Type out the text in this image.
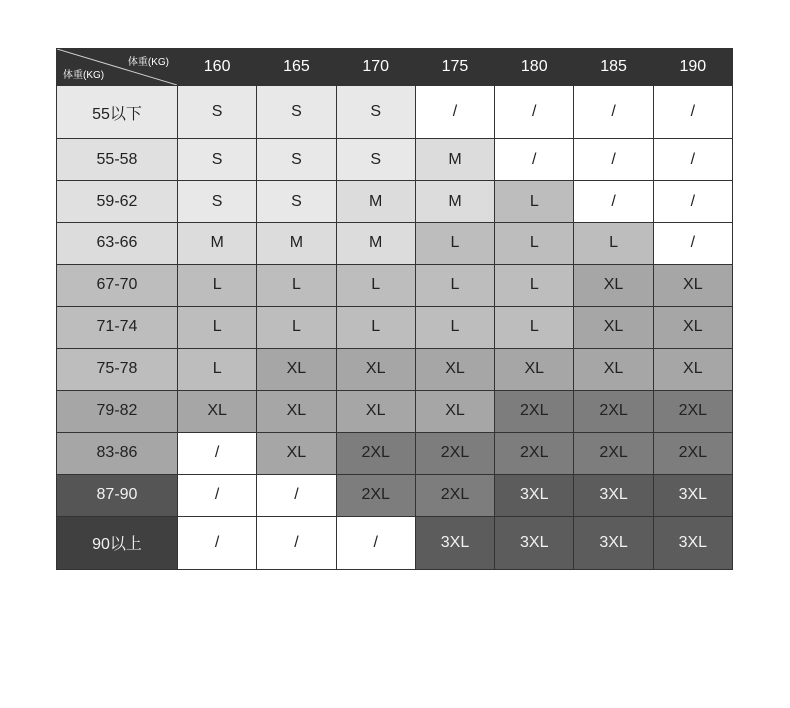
体重(KG)
体重(KG)	160	165	170	175	180	185	190
55以下	S	S	S	/	/	/	/
55-58	S	S	S	M	/	/	/
59-62	S	S	M	M	L	/	/
63-66	M	M	M	L	L	L	/
67-70	L	L	L	L	L	XL	XL
71-74	L	L	L	L	L	XL	XL
75-78	L	XL	XL	XL	XL	XL	XL
79-82	XL	XL	XL	XL	2XL	2XL	2XL
83-86	/	XL	2XL	2XL	2XL	2XL	2XL
87-90	/	/	2XL	2XL	3XL	3XL	3XL
90以上	/	/	/	3XL	3XL	3XL	3XL
